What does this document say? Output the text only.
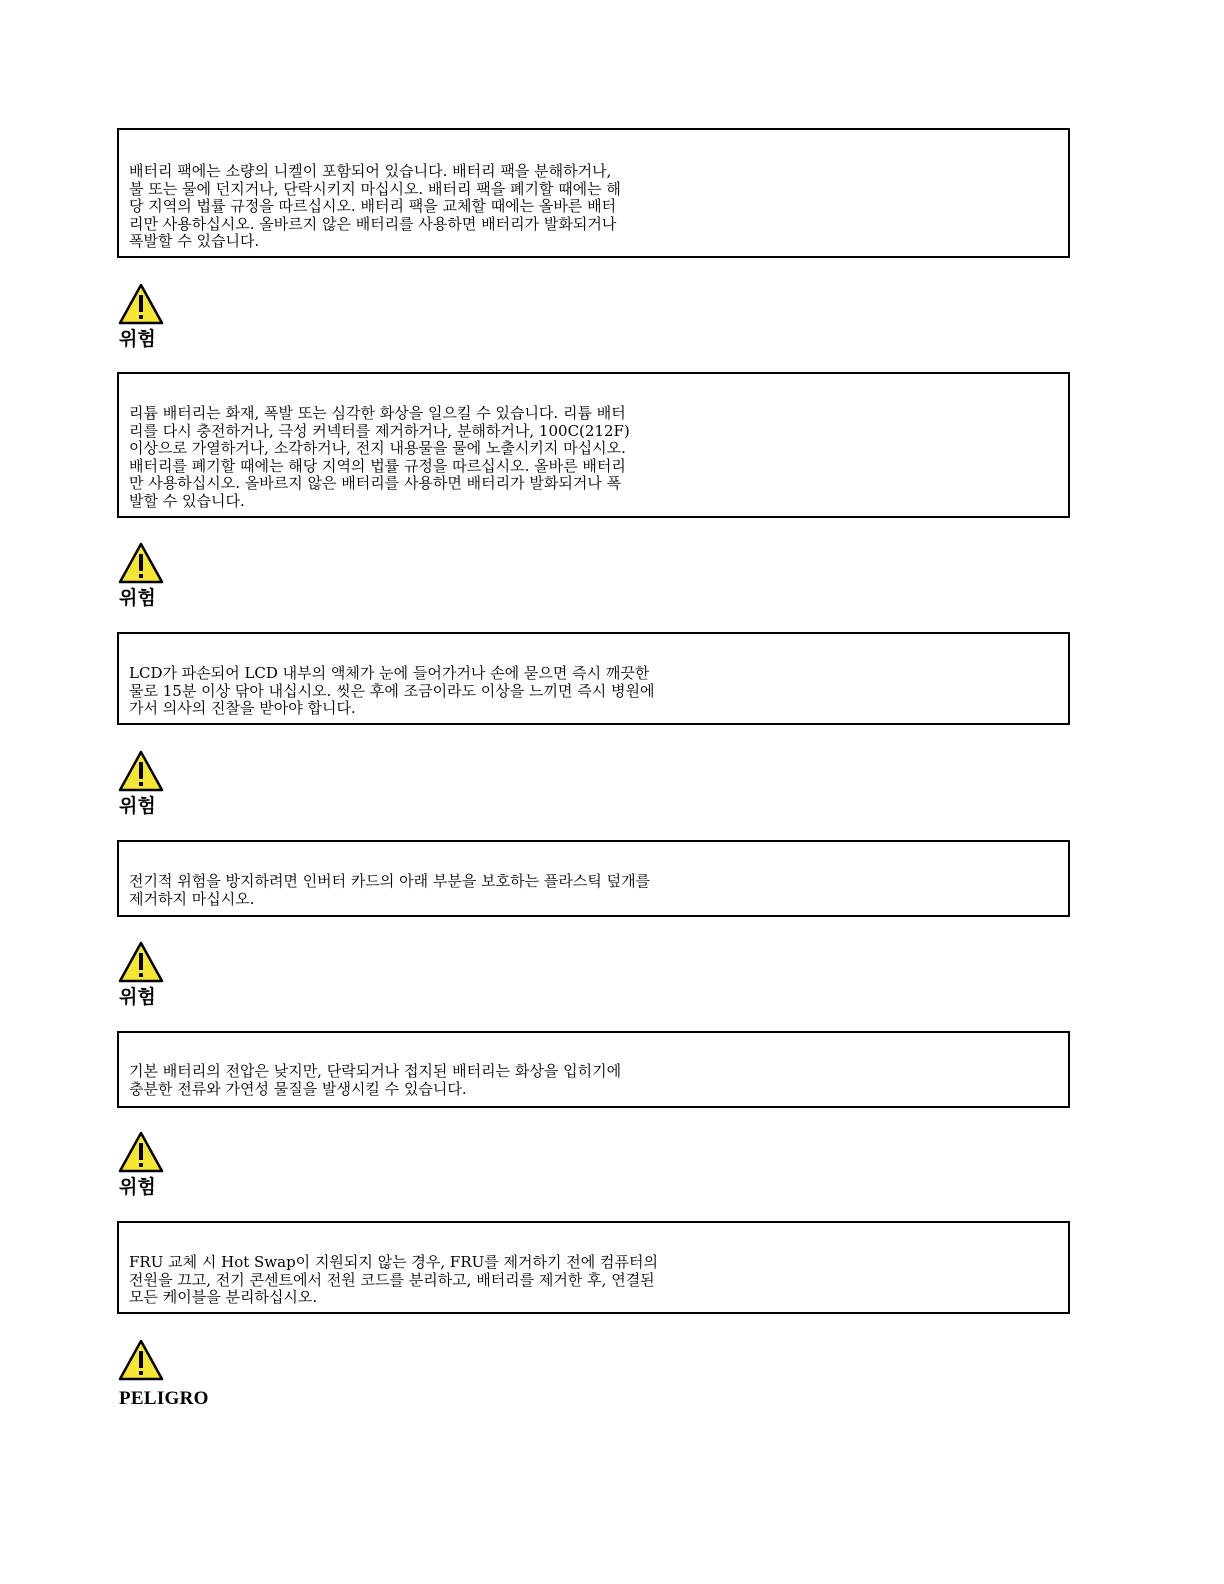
배터리 팩에는 소량의 니켈이 포함되어 있습니다. 배터리 팩을 분해하거나,
불 또는 물에 던지거나, 단락시키지 마십시오. 배터리 팩을 폐기할 때에는 해
당 지역의 법률 규정을 따르십시오. 배터리 팩을 교체할 때에는 올바른 배터
리만 사용하십시오. 올바르지 않은 배터리를 사용하면 배터리가 발화되거나
폭발할 수 있습니다.

위험

리튬 배터리는 화재, 폭발 또는 심각한 화상을 일으킬 수 있습니다. 리튬 배터
리를 다시 충전하거나, 극성 커넥터를 제거하거나, 분해하거나, 100C(212F)
이상으로 가열하거나, 소각하거나, 전지 내용물을 물에 노출시키지 마십시오.
배터리를 폐기할 때에는 해당 지역의 법률 규정을 따르십시오. 올바른 배터리
만 사용하십시오. 올바르지 않은 배터리를 사용하면 배터리가 발화되거나 폭
발할 수 있습니다.

위험

LCD가 파손되어 LCD 내부의 액체가 눈에 들어가거나 손에 묻으면 즉시 깨끗한
물로 15분 이상 닦아 내십시오. 씻은 후에 조금이라도 이상을 느끼면 즉시 병원에
가서 의사의 진찰을 받아야 합니다.

위험

전기적 위험을 방지하려면 인버터 카드의 아래 부분을 보호하는 플라스틱 덮개를
제거하지 마십시오.

위험

기본 배터리의 전압은 낮지만, 단락되거나 접지된 배터리는 화상을 입히기에
충분한 전류와 가연성 물질을 발생시킬 수 있습니다.

위험

FRU 교체 시 Hot Swap이 지원되지 않는 경우, FRU를 제거하기 전에 컴퓨터의
전원을 끄고, 전기 콘센트에서 전원 코드를 분리하고, 배터리를 제거한 후, 연결된
모든 케이블을 분리하십시오.

PELIGRO
